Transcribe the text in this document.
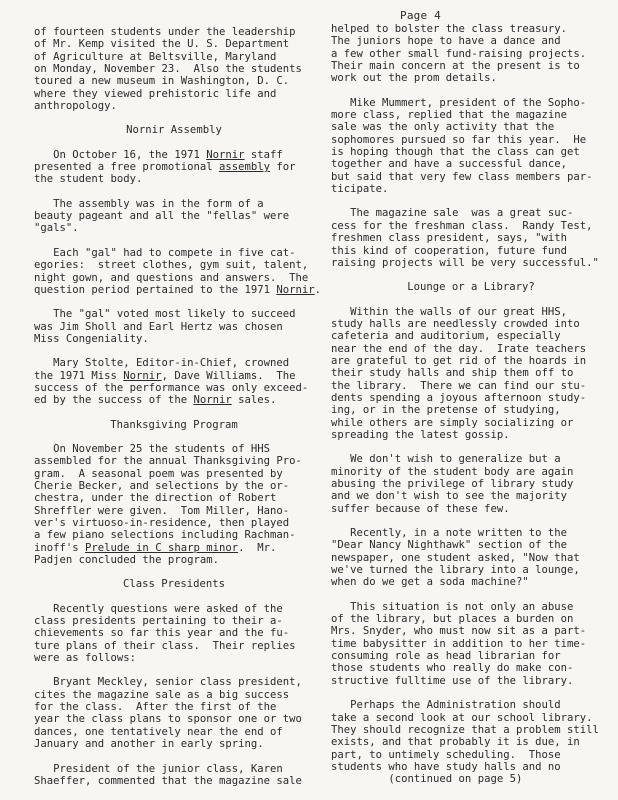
Page 4

of fourteen students under the leadership
of Mr. Kemp visited the U. S. Department
of Agriculture at Beltsville, Maryland
on Monday, November 23.  Also the students
toured a new museum in Washington, D. C.
where they viewed prehistoric life and
anthropology.

Nornir Assembly

On October 16, the 1971 Nornir staff
presented a free promotional assembly for
the student body.

The assembly was in the form of a
beauty pageant and all the "fellas" were
"gals".

Each "gal" had to compete in five cat-
egories:  street clothes, gym suit, talent,
night gown, and questions and answers.  The
question period pertained to the 1971 Nornir.

The "gal" voted most likely to succeed
was Jim Sholl and Earl Hertz was chosen
Miss Congeniality.

Mary Stolte, Editor-in-Chief, crowned
the 1971 Miss Nornir, Dave Williams.  The
success of the performance was only exceed-
ed by the success of the Nornir sales.

Thanksgiving Program

On November 25 the students of HHS
assembled for the annual Thanksgiving Pro-
gram.  A seasonal poem was presented by
Cherie Becker, and selections by the or-
chestra, under the direction of Robert
Shreffler were given.  Tom Miller, Hano-
ver's virtuoso-in-residence, then played
a few piano selections including Rachman-
inoff's Prelude in C sharp minor.  Mr.
Padjen concluded the program.

Class Presidents

Recently questions were asked of the
class presidents pertaining to their a-
chievements so far this year and the fu-
ture plans of their class.  Their replies
were as follows:

Bryant Meckley, senior class president,
cites the magazine sale as a big success
for the class.  After the first of the
year the class plans to sponsor one or two
dances, one tentatively near the end of
January and another in early spring.

President of the junior class, Karen
Shaeffer, commented that the magazine sale

helped to bolster the class treasury.
The juniors hope to have a dance and
a few other small fund-raising projects.
Their main concern at the present is to
work out the prom details.

Mike Mummert, president of the Sopho-
more class, replied that the magazine
sale was the only activity that the
sophomores pursued so far this year.  He
is hoping though that the class can get
together and have a successful dance,
but said that very few class members par-
ticipate.

The magazine sale  was a great suc-
cess for the freshman class.  Randy Test,
freshmen class president, says, "with
this kind of cooperation, future fund
raising projects will be very successful."

Lounge or a Library?

Within the walls of our great HHS,
study halls are needlessly crowded into
cafeteria and auditorium, especially
near the end of the day.  Irate teachers
are grateful to get rid of the hoards in
their study halls and ship them off to
the library.  There we can find our stu-
dents spending a joyous afternoon study-
ing, or in the pretense of studying,
while others are simply socializing or
spreading the latest gossip.

We don't wish to generalize but a
minority of the student body are again
abusing the privilege of library study
and we don't wish to see the majority
suffer because of these few.

Recently, in a note written to the
"Dear Nancy Nighthawk" section of the
newspaper, one student asked, "Now that
we've turned the library into a lounge,
when do we get a soda machine?"

This situation is not only an abuse
of the library, but places a burden on
Mrs. Snyder, who must now sit as a part-
time babysitter in addition to her time-
consuming role as head librarian for
those students who really do make con-
structive fulltime use of the library.

Perhaps the Administration should
take a second look at our school library.
They should recognize that a problem still
exists, and that probably it is due, in
part, to untimely scheduling.  Those
students who have study halls and no
(continued on page 5)
